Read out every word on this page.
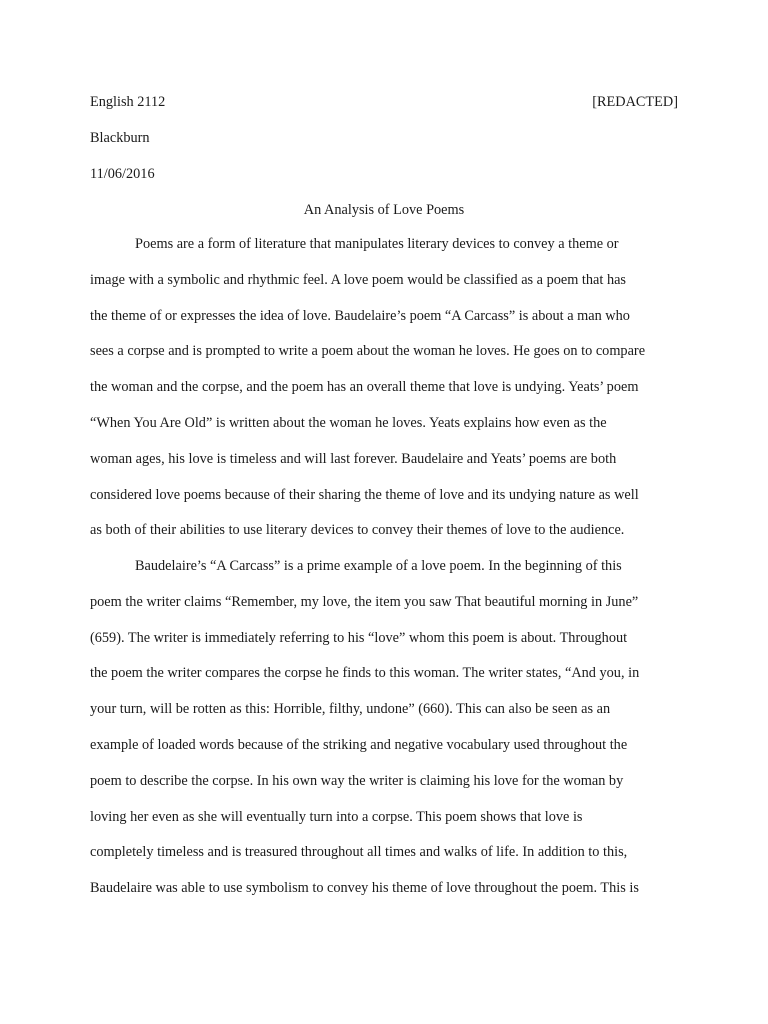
English 2112	[REDACTED]
Blackburn
11/06/2016
An Analysis of Love Poems
Poems are a form of literature that manipulates literary devices to convey a theme or
image with a symbolic and rhythmic feel. A love poem would be classified as a poem that has
the theme of or expresses the idea of love. Baudelaire’s poem “A Carcass” is about a man who
sees a corpse and is prompted to write a poem about the woman he loves. He goes on to compare
the woman and the corpse, and the poem has an overall theme that love is undying. Yeats’ poem
“When You Are Old” is written about the woman he loves. Yeats explains how even as the
woman ages, his love is timeless and will last forever. Baudelaire and Yeats’ poems are both
considered love poems because of their sharing the theme of love and its undying nature as well
as both of their abilities to use literary devices to convey their themes of love to the audience.
Baudelaire’s “A Carcass” is a prime example of a love poem. In the beginning of this
poem the writer claims “Remember, my love, the item you saw That beautiful morning in June”
(659). The writer is immediately referring to his “love” whom this poem is about. Throughout
the poem the writer compares the corpse he finds to this woman. The writer states, “And you, in
your turn, will be rotten as this: Horrible, filthy, undone” (660). This can also be seen as an
example of loaded words because of the striking and negative vocabulary used throughout the
poem to describe the corpse. In his own way the writer is claiming his love for the woman by
loving her even as she will eventually turn into a corpse. This poem shows that love is
completely timeless and is treasured throughout all times and walks of life. In addition to this,
Baudelaire was able to use symbolism to convey his theme of love throughout the poem. This is
